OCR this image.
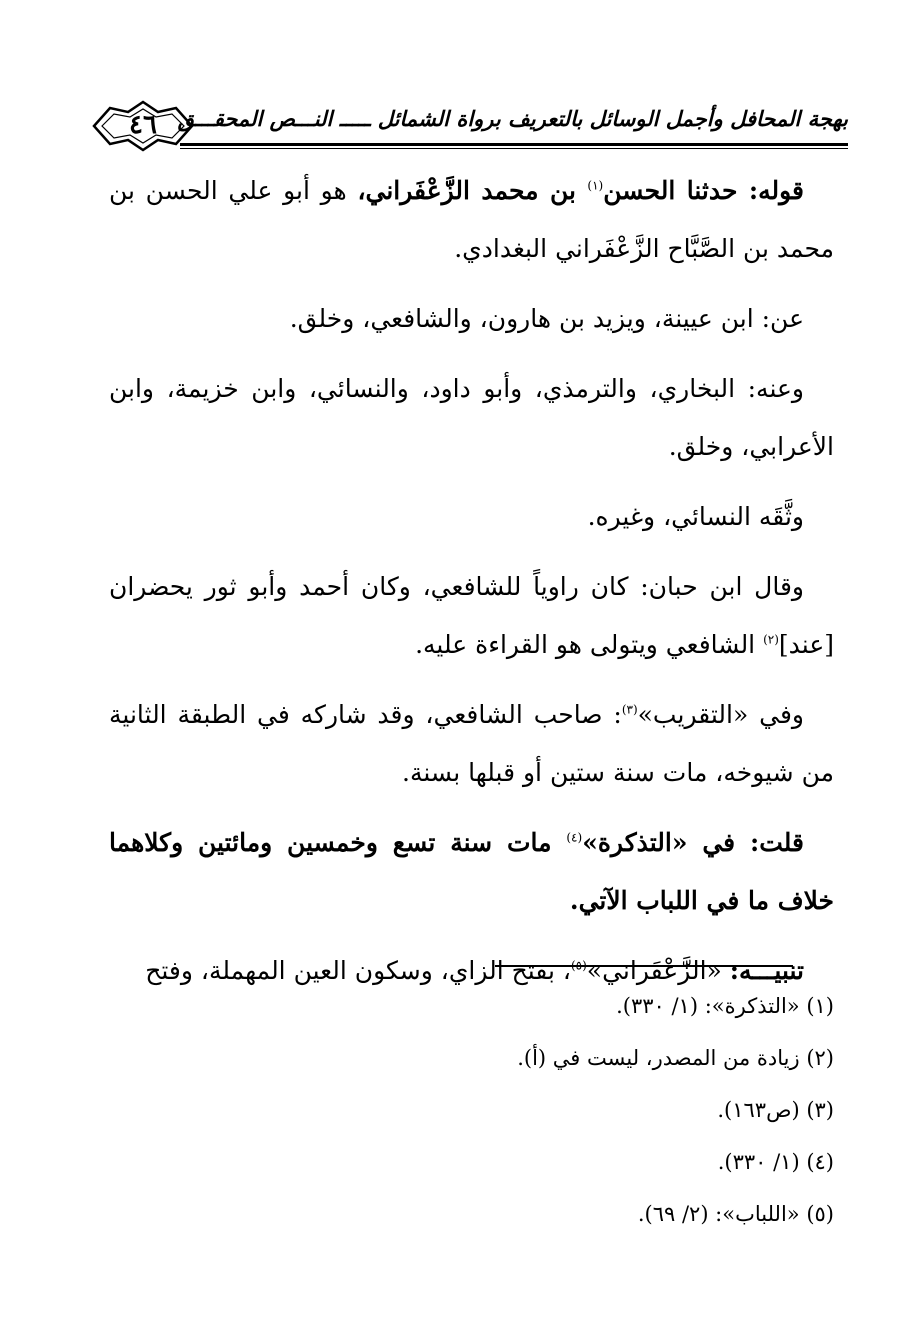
٤٦ بهجة المحافل وأجمل الوسائل بالتعريف برواة الشمائل ـــــ النـــص المحقـــق

قوله: حدثنا الحسن$^{(١)}$ بن محمد الزَّعْفَراني، هو أبو علي الحسن بن محمد بن الصَّبَّاح الزَّعْفَراني البغدادي.

عن: ابن عيينة، ويزيد بن هارون، والشافعي، وخلق.

وعنه: البخاري، والترمذي، وأبو داود، والنسائي، وابن خزيمة، وابن الأعرابي، وخلق.

وثَّقَه النسائي، وغيره.

وقال ابن حبان: كان راوياً للشافعي، وكان أحمد وأبو ثور يحضران [عند]$^{(٢)}$ الشافعي ويتولى هو القراءة عليه.

وفي «التقريب»$^{(٣)}$: صاحب الشافعي، وقد شاركه في الطبقة الثانية من شيوخه، مات سنة ستين أو قبلها بسنة.

قلت: في «التذكرة»$^{(٤)}$ مات سنة تسع وخمسين ومائتين وكلاهما خلاف ما في اللباب الآتي.

تنبيـــه: «الزَّعْفَراني»$^{(٥)}$، بفتح الزاي، وسكون العين المهملة، وفتح

(١) «التذكرة»: (١/ ٣٣٠).

(٢) زيادة من المصدر، ليست في (أ).

(٣) (ص١٦٣).

(٤) (١/ ٣٣٠).

(٥) «اللباب»: (٢/ ٦٩).
